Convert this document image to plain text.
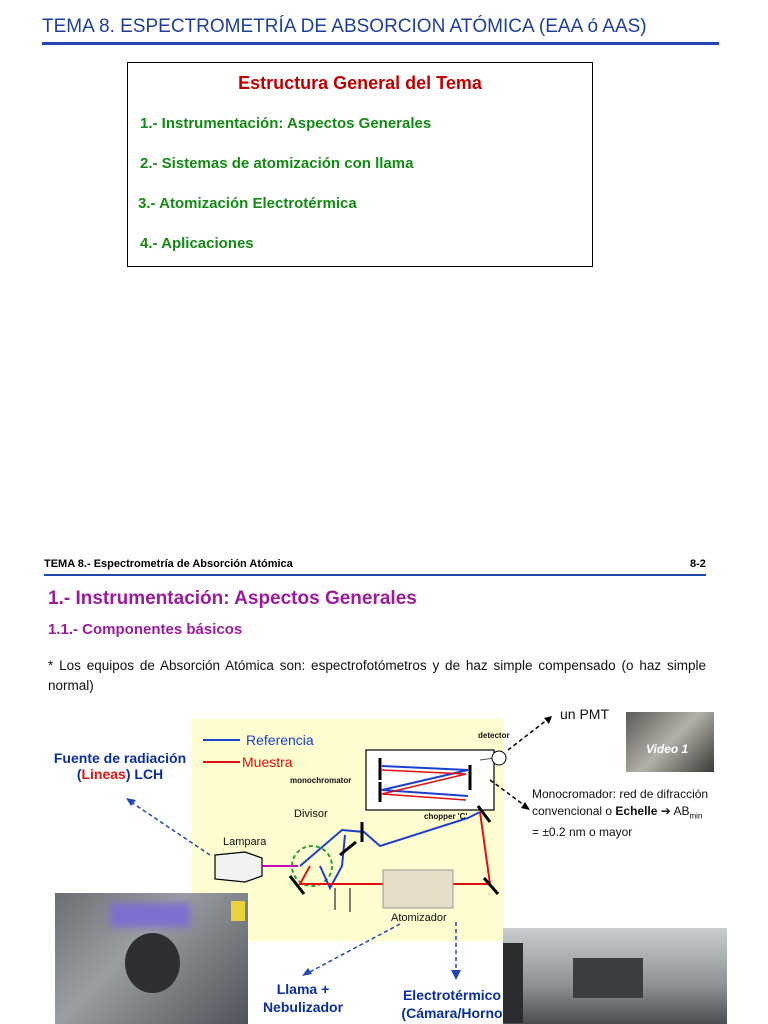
TEMA 8. ESPECTROMETRÍA DE ABSORCION ATÓMICA (EAA ó AAS)
Estructura General del Tema
1.- Instrumentación: Aspectos Generales
2.- Sistemas de atomización con llama
3.- Atomización Electrotérmica
4.- Aplicaciones
TEMA 8.- Espectrometría de Absorción Atómica	8-2
1.- Instrumentación: Aspectos Generales
1.1.- Componentes básicos
* Los equipos de Absorción Atómica son: espectrofotómetros y de haz simple compensado (o haz simple normal)
Referencia
Muestra
detector
monochromator
chopper 'C'
Divisor
Lampara
Atomizador
Fuente de radiación
(Lineas) LCH
un PMT
Video 1
Monocromador: red de difracción
convencional o Echelle ➔ $AB_{min}$
= ±0.2 nm o mayor
Llama +
Nebulizador
Electrotérmico
(Cámara/Horno
